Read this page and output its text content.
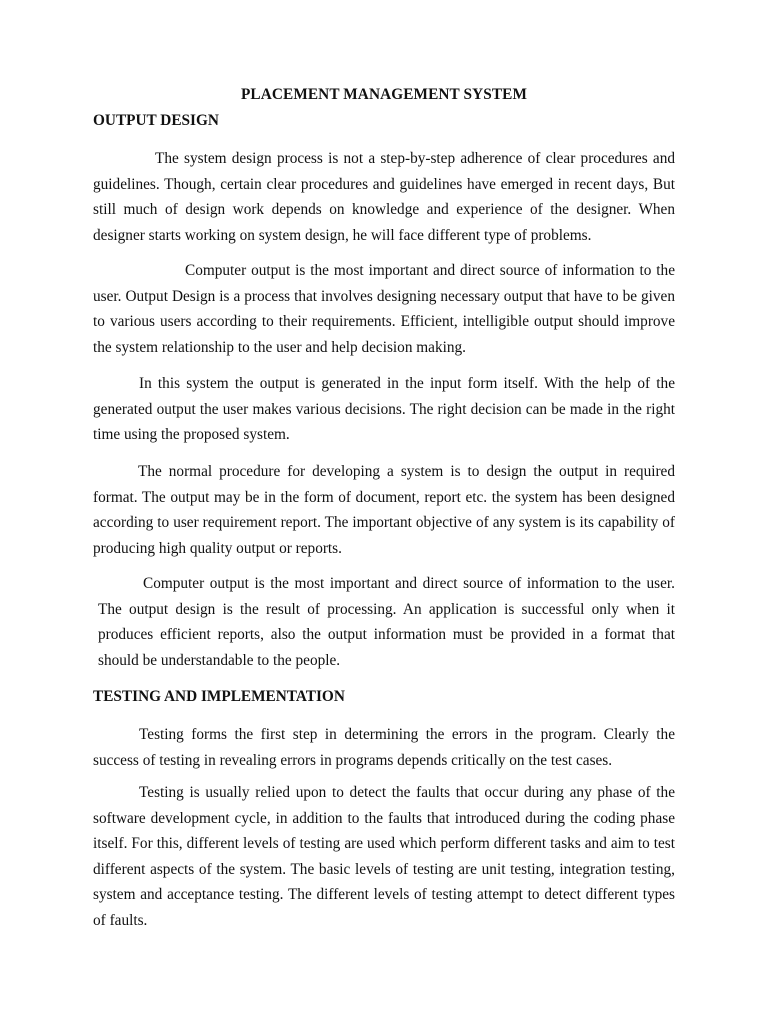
PLACEMENT MANAGEMENT SYSTEM
OUTPUT DESIGN

The system design process is not a step-by-step adherence of clear procedures and guidelines. Though, certain clear procedures and guidelines have emerged in recent days, But still much of design work depends on knowledge and experience of the designer. When designer starts working on system design, he will face different type of problems.

Computer output is the most important and direct source of information to the user. Output Design is a process that involves designing necessary output that have to be given to various users according to their requirements. Efficient, intelligible output should improve the system relationship to the user and help decision making.

In this system the output is generated in the input form itself. With the help of the generated output the user makes various decisions. The right decision can be made in the right time using the proposed system.

The normal procedure for developing a system is to design the output in required format. The output may be in the form of document, report etc. the system has been designed according to user requirement report. The important objective of any system is its capability of producing high quality output or reports.

Computer output is the most important and direct source of information to the user. The output design is the result of processing. An application is successful only when it produces efficient reports, also the output information must be provided in a format that should be understandable to the people.

TESTING AND IMPLEMENTATION

Testing forms the first step in determining the errors in the program. Clearly the success of testing in revealing errors in programs depends critically on the test cases.

Testing is usually relied upon to detect the faults that occur during any phase of the software development cycle, in addition to the faults that introduced during the coding phase itself. For this, different levels of testing are used which perform different tasks and aim to test different aspects of the system. The basic levels of testing are unit testing, integration testing, system and acceptance testing. The different levels of testing attempt to detect different types of faults.
